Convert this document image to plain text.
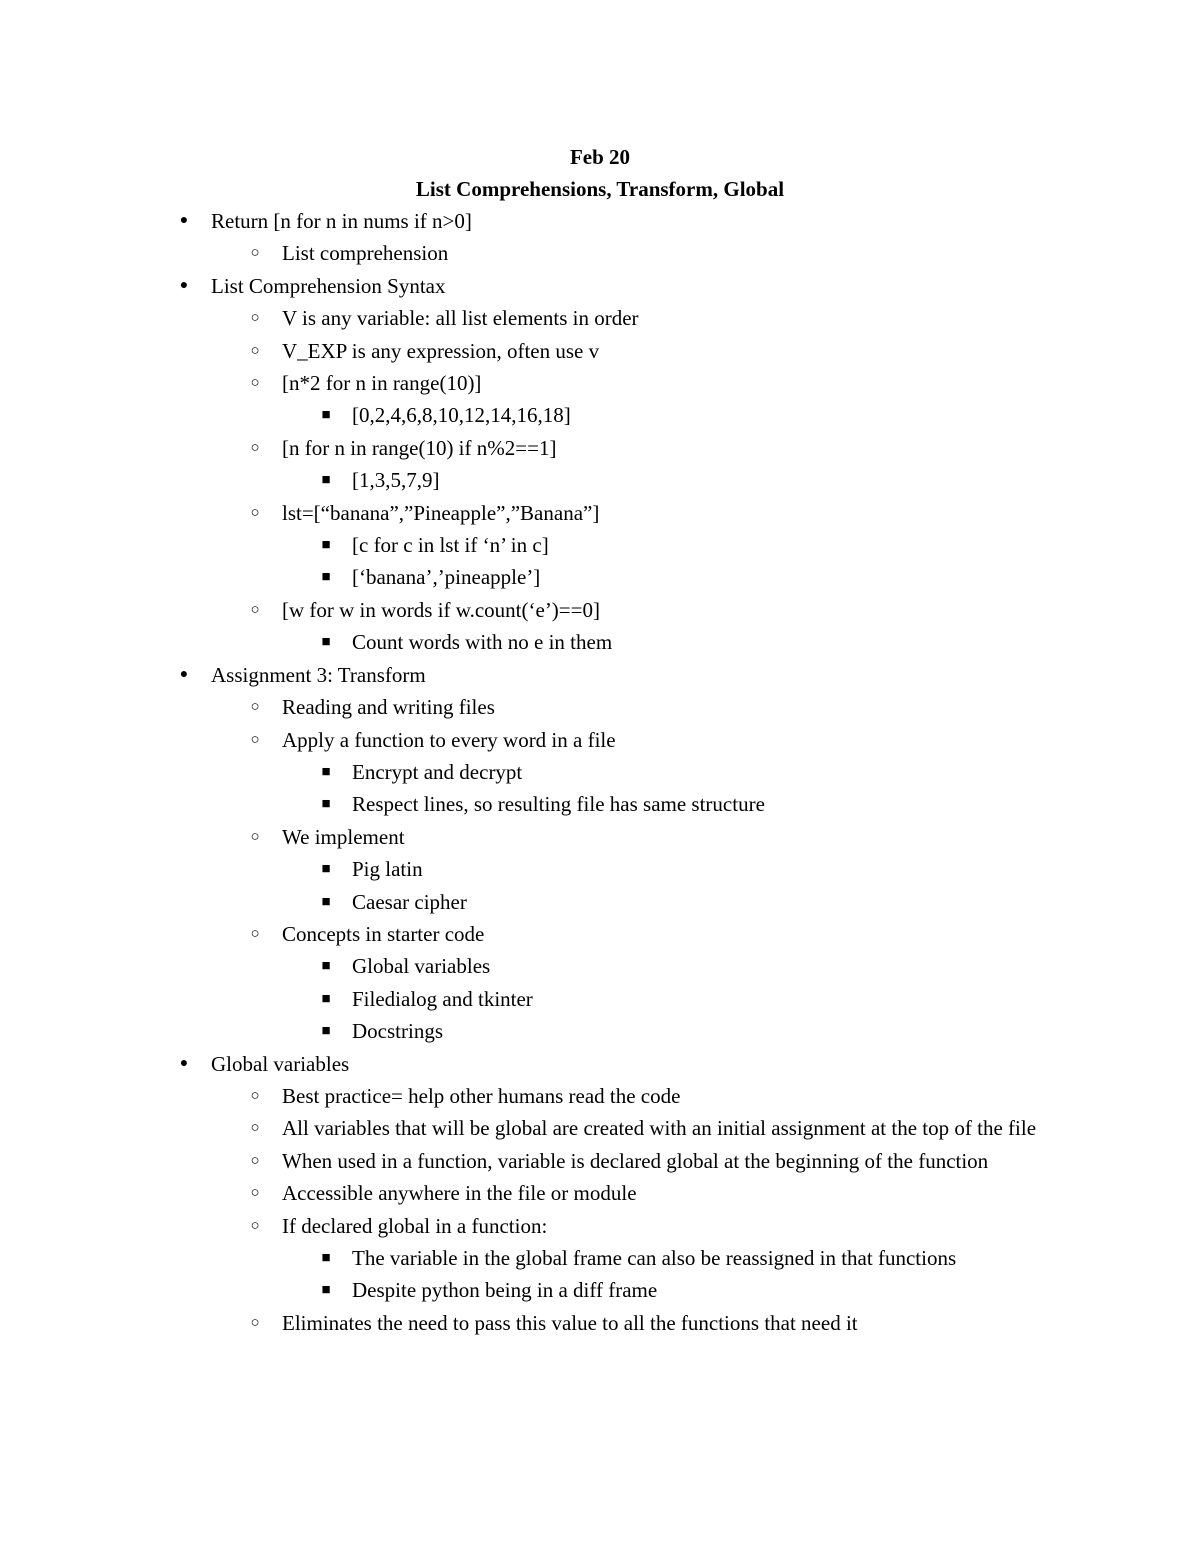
Feb 20
List Comprehensions, Transform, Global
● Return [n for n in nums if n>0]
○ List comprehension
● List Comprehension Syntax
○ V is any variable: all list elements in order
○ V_EXP is any expression, often use v
○ [n*2 for n in range(10)]
■ [0,2,4,6,8,10,12,14,16,18]
○ [n for n in range(10) if n%2==1]
■ [1,3,5,7,9]
○ lst=[“banana”,”Pineapple”,”Banana”]
■ [c for c in lst if ‘n’ in c]
■ [‘banana’,’pineapple’]
○ [w for w in words if w.count(‘e’)==0]
■ Count words with no e in them
● Assignment 3: Transform
○ Reading and writing files
○ Apply a function to every word in a file
■ Encrypt and decrypt
■ Respect lines, so resulting file has same structure
○ We implement
■ Pig latin
■ Caesar cipher
○ Concepts in starter code
■ Global variables
■ Filedialog and tkinter
■ Docstrings
● Global variables
○ Best practice= help other humans read the code
○ All variables that will be global are created with an initial assignment at the top of the file
○ When used in a function, variable is declared global at the beginning of the function
○ Accessible anywhere in the file or module
○ If declared global in a function:
■ The variable in the global frame can also be reassigned in that functions
■ Despite python being in a diff frame
○ Eliminates the need to pass this value to all the functions that need it
